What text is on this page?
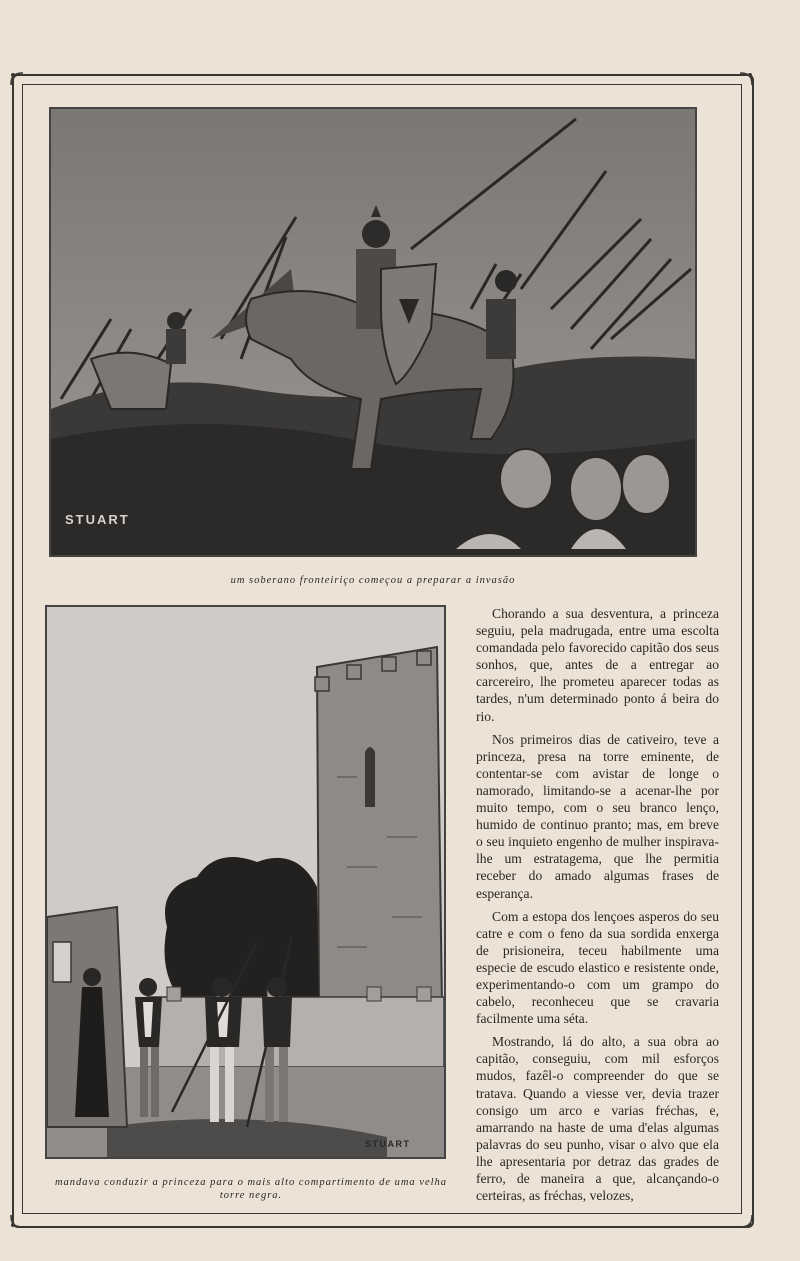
STUART
um soberano fronteiriço começou a preparar a invasão
STUART
mandava conduzir a princeza para o mais alto compartimento de uma velha torre negra.

Chorando a sua desventura, a princeza seguiu, pela madrugada, entre uma escolta comandada pelo favorecido capitão dos seus sonhos, que, antes de a entregar ao carcereiro, lhe prometeu aparecer todas as tardes, n'um determinado ponto á beira do rio.

Nos primeiros dias de cativeiro, teve a princeza, presa na torre eminente, de contentar-se com avistar de longe o namorado, limitando-se a acenar-lhe por muito tempo, com o seu branco lenço, humido de continuo pranto; mas, em breve o seu inquieto engenho de mulher inspirava-lhe um estratagema, que lhe permitia receber do amado algumas frases de esperança.

Com a estopa dos lençoes asperos do seu catre e com o feno da sua sordida enxerga de prisioneira, teceu habilmente uma especie de escudo elastico e resistente onde, experimentando-o com um grampo do cabelo, reconheceu que se cravaria facilmente uma séta.

Mostrando, lá do alto, a sua obra ao capitão, conseguiu, com mil esforços mudos, fazêl-o compreender do que se tratava. Quando a viesse ver, devia trazer consigo um arco e varias fréchas, e, amarrando na haste de uma d'elas algumas palavras do seu punho, visar o alvo que ela lhe apresentaria por detraz das grades de ferro, de maneira a que, alcançando-o certeiras, as fréchas, velozes,
